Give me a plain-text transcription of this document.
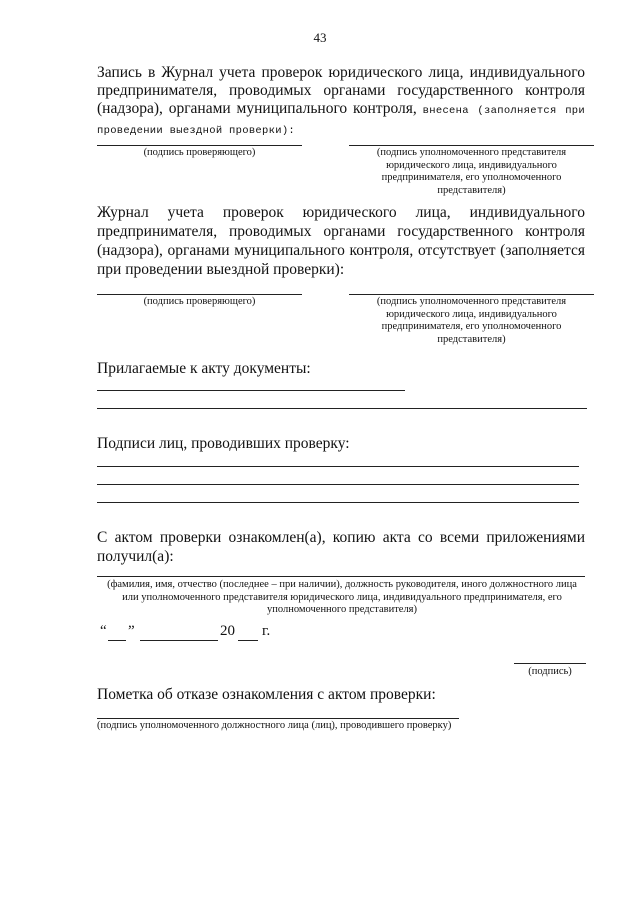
43
Запись в Журнал учета проверок юридического лица, индивидуального предпринимателя, проводимых органами государственного контроля (надзора), органами муниципального контроля, внесена (заполняется при проведении выездной проверки):
(подпись проверяющего)	(подпись уполномоченного представителя юридического лица, индивидуального предпринимателя, его уполномоченного представителя)
Журнал учета проверок юридического лица, индивидуального предпринимателя, проводимых органами государственного контроля (надзора), органами муниципального контроля, отсутствует (заполняется при проведении выездной проверки):
(подпись проверяющего)	(подпись уполномоченного представителя юридического лица, индивидуального предпринимателя, его уполномоченного представителя)
Прилагаемые к акту документы:
Подписи лиц, проводивших проверку:
С актом проверки ознакомлен(а), копию акта со всеми приложениями получил(а):
(фамилия, имя, отчество (последнее – при наличии), должность руководителя, иного должностного лица или уполномоченного представителя юридического лица, индивидуального предпринимателя, его уполномоченного представителя)
“ ”	20 г.
(подпись)
Пометка об отказе ознакомления с актом проверки:
(подпись уполномоченного должностного лица (лиц), проводившего проверку)
